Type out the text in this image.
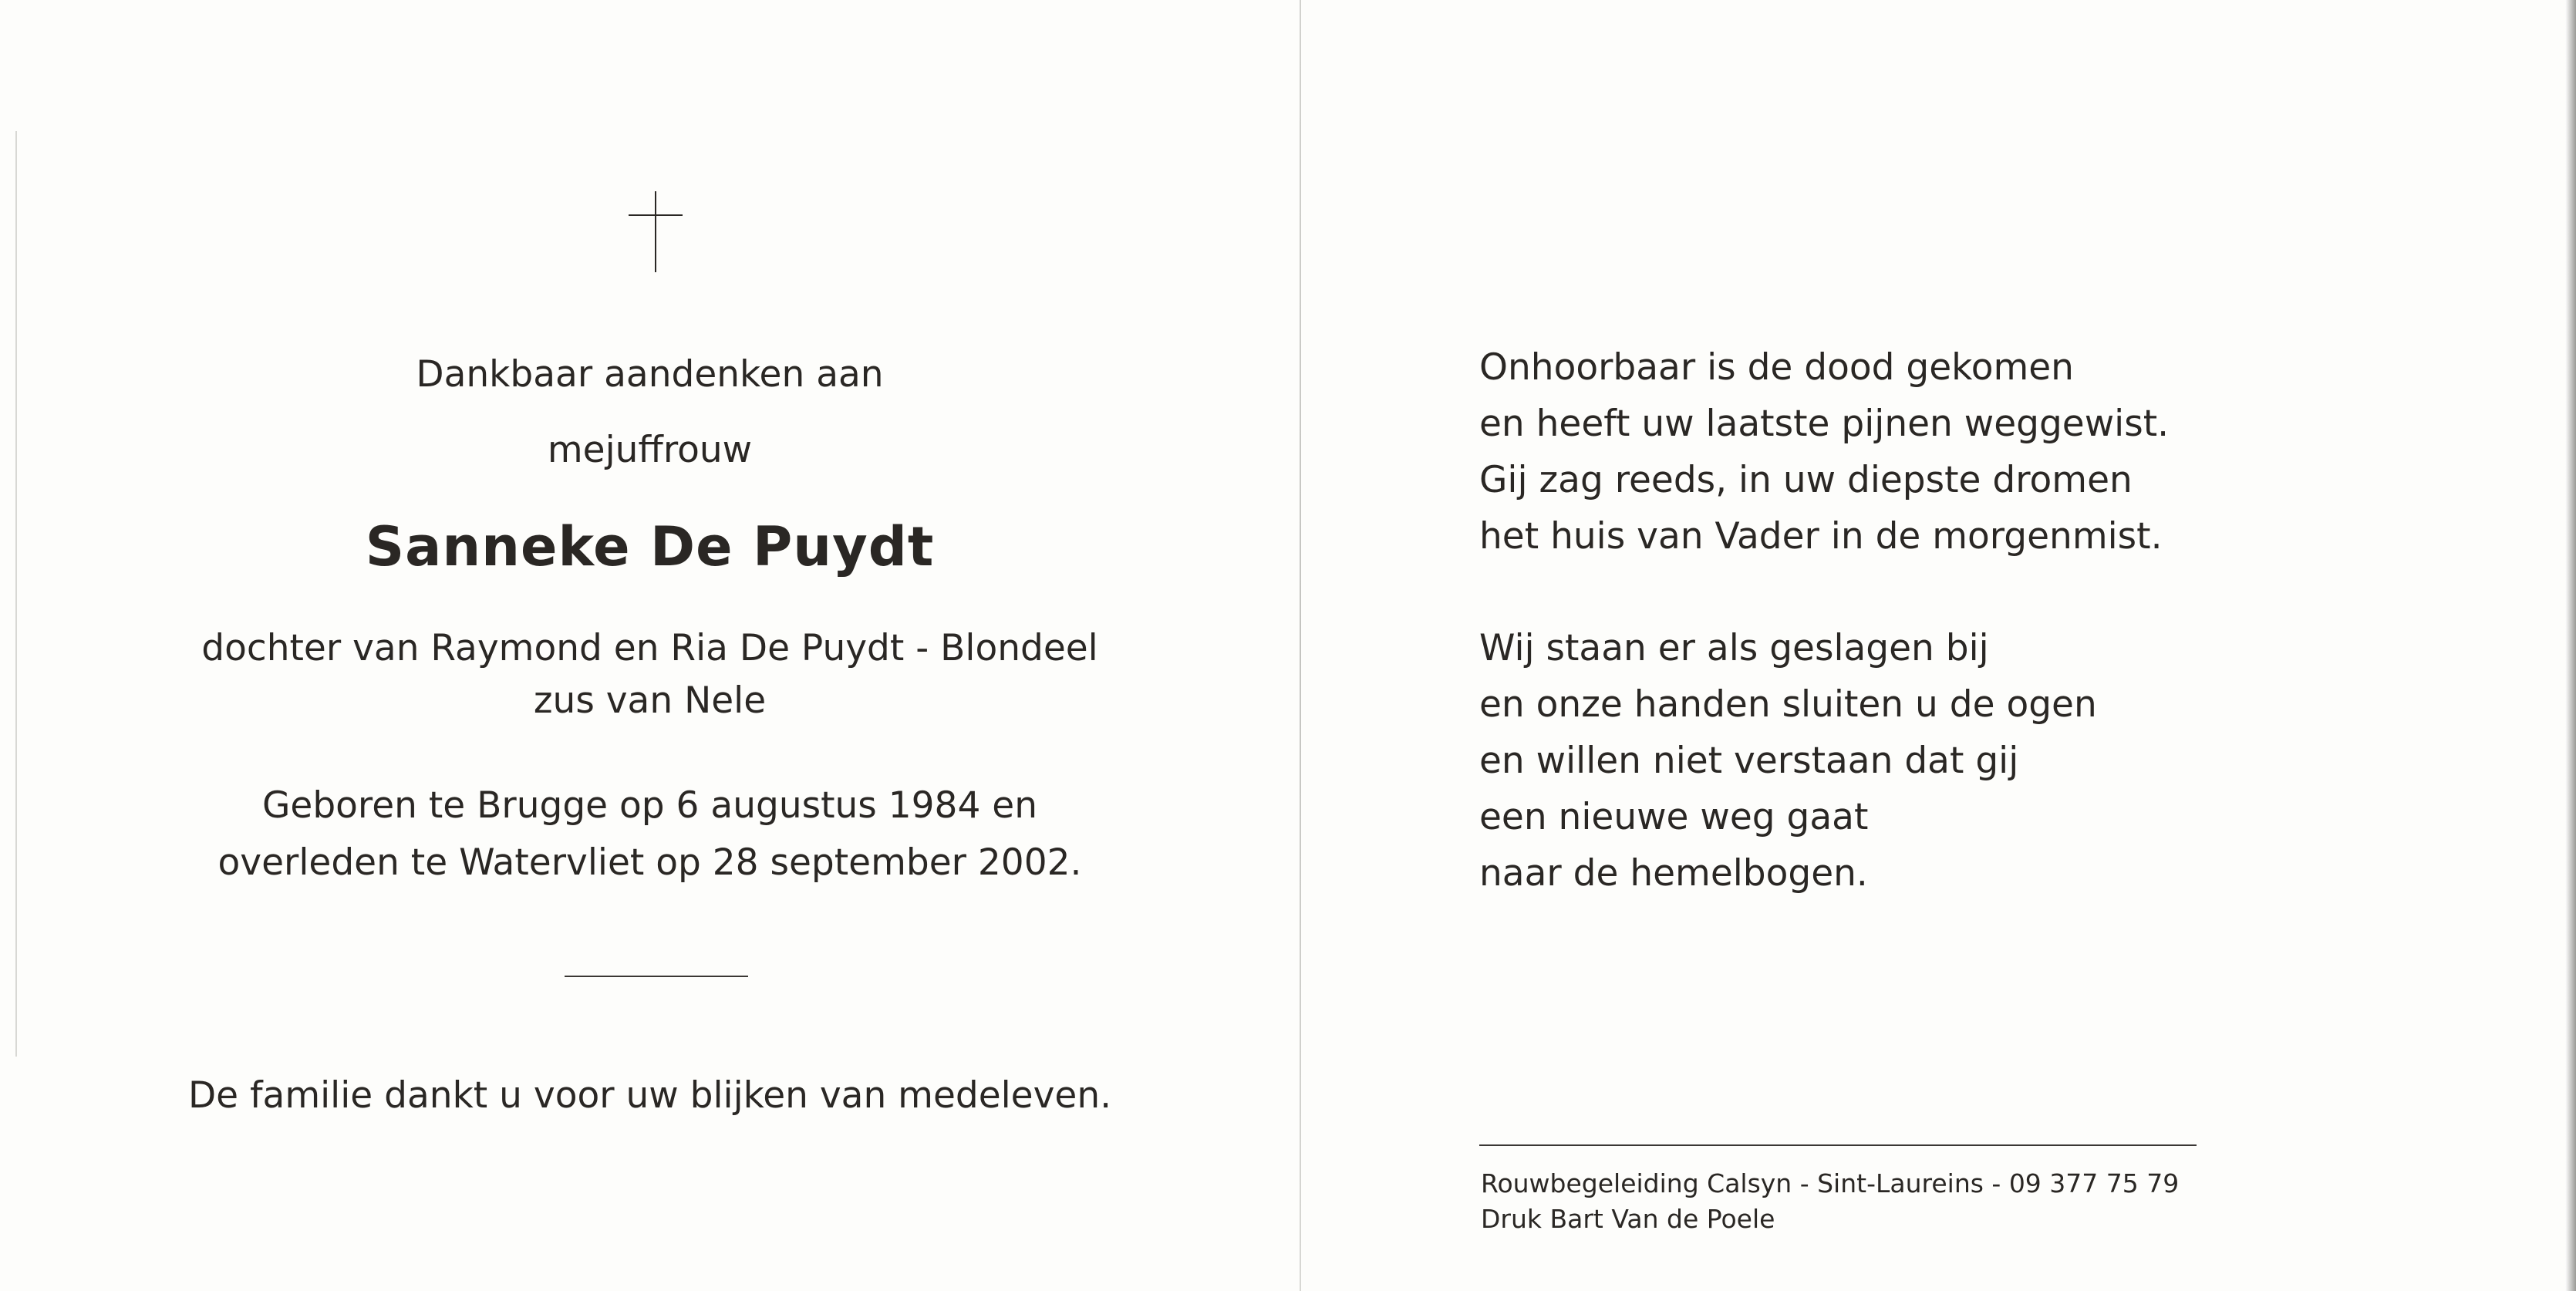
Dankbaar aandenken aan
mejuffrouw
Sanneke De Puydt
dochter van Raymond en Ria De Puydt - Blondeel
zus van Nele
Geboren te Brugge op 6 augustus 1984 en
overleden te Watervliet op 28 september 2002.
De familie dankt u voor uw blijken van medeleven.
Onhoorbaar is de dood gekomen
en heeft uw laatste pijnen weggewist.
Gij zag reeds, in uw diepste dromen
het huis van Vader in de morgenmist.
Wij staan er als geslagen bij
en onze handen sluiten u de ogen
en willen niet verstaan dat gij
een nieuwe weg gaat
naar de hemelbogen.
Rouwbegeleiding Calsyn - Sint-Laureins - 09 377 75 79
Druk Bart Van de Poele
